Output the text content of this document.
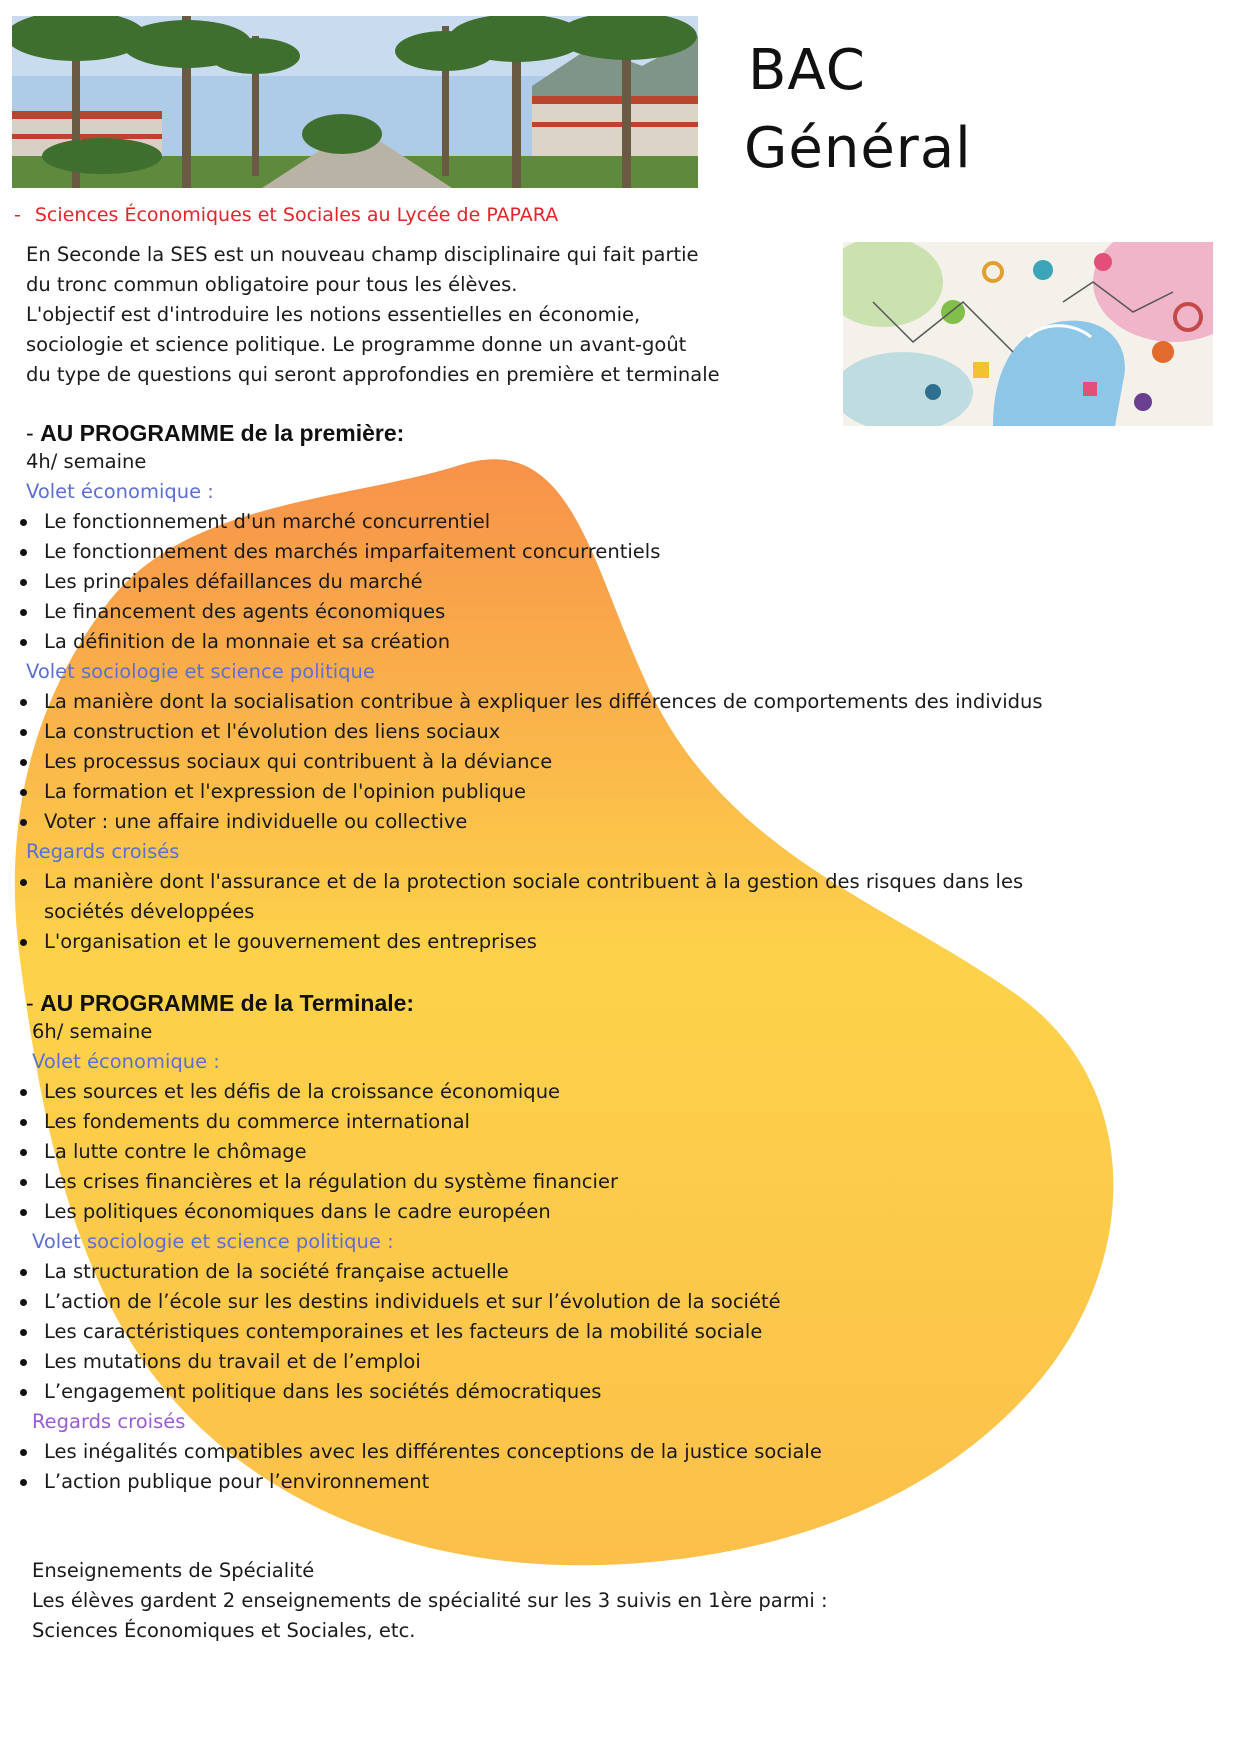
BAC
Général
- Sciences Économiques et Sociales au Lycée de PAPARA
En Seconde la SES est un nouveau champ disciplinaire qui fait partie
du tronc commun obligatoire pour tous les élèves.
L'objectif est d'introduire les notions essentielles en économie,
sociologie et science politique. Le programme donne un avant-goût
du type de questions qui seront approfondies en première et terminale
- AU PROGRAMME de la première:
4h/ semaine
Volet économique :
Le fonctionnement d'un marché concurrentiel
Le fonctionnement des marchés imparfaitement concurrentiels
Les principales défaillances du marché
Le financement des agents économiques
La définition de la monnaie et sa création
Volet sociologie et science politique
La manière dont la socialisation contribue à expliquer les différences de comportements des individus
La construction et l'évolution des liens sociaux
Les processus sociaux qui contribuent à la déviance
La formation et l'expression de l'opinion publique
Voter : une affaire individuelle ou collective
Regards croisés
La manière dont l'assurance et de la protection sociale contribuent à la gestion des risques dans les
sociétés développées
L'organisation et le gouvernement des entreprises
- AU PROGRAMME de la Terminale:
6h/ semaine
Volet économique :
Les sources et les défis de la croissance économique
Les fondements du commerce international
La lutte contre le chômage
Les crises financières et la régulation du système financier
Les politiques économiques dans le cadre européen
Volet sociologie et science politique :
La structuration de la société française actuelle
L’action de l’école sur les destins individuels et sur l’évolution de la société
Les caractéristiques contemporaines et les facteurs de la mobilité sociale
Les mutations du travail et de l’emploi
L’engagement politique dans les sociétés démocratiques
Regards croisés
Les inégalités compatibles avec les différentes conceptions de la justice sociale
L’action publique pour l’environnement
Enseignements de Spécialité
Les élèves gardent 2 enseignements de spécialité sur les 3 suivis en 1ère parmi :
Sciences Économiques et Sociales, etc.
